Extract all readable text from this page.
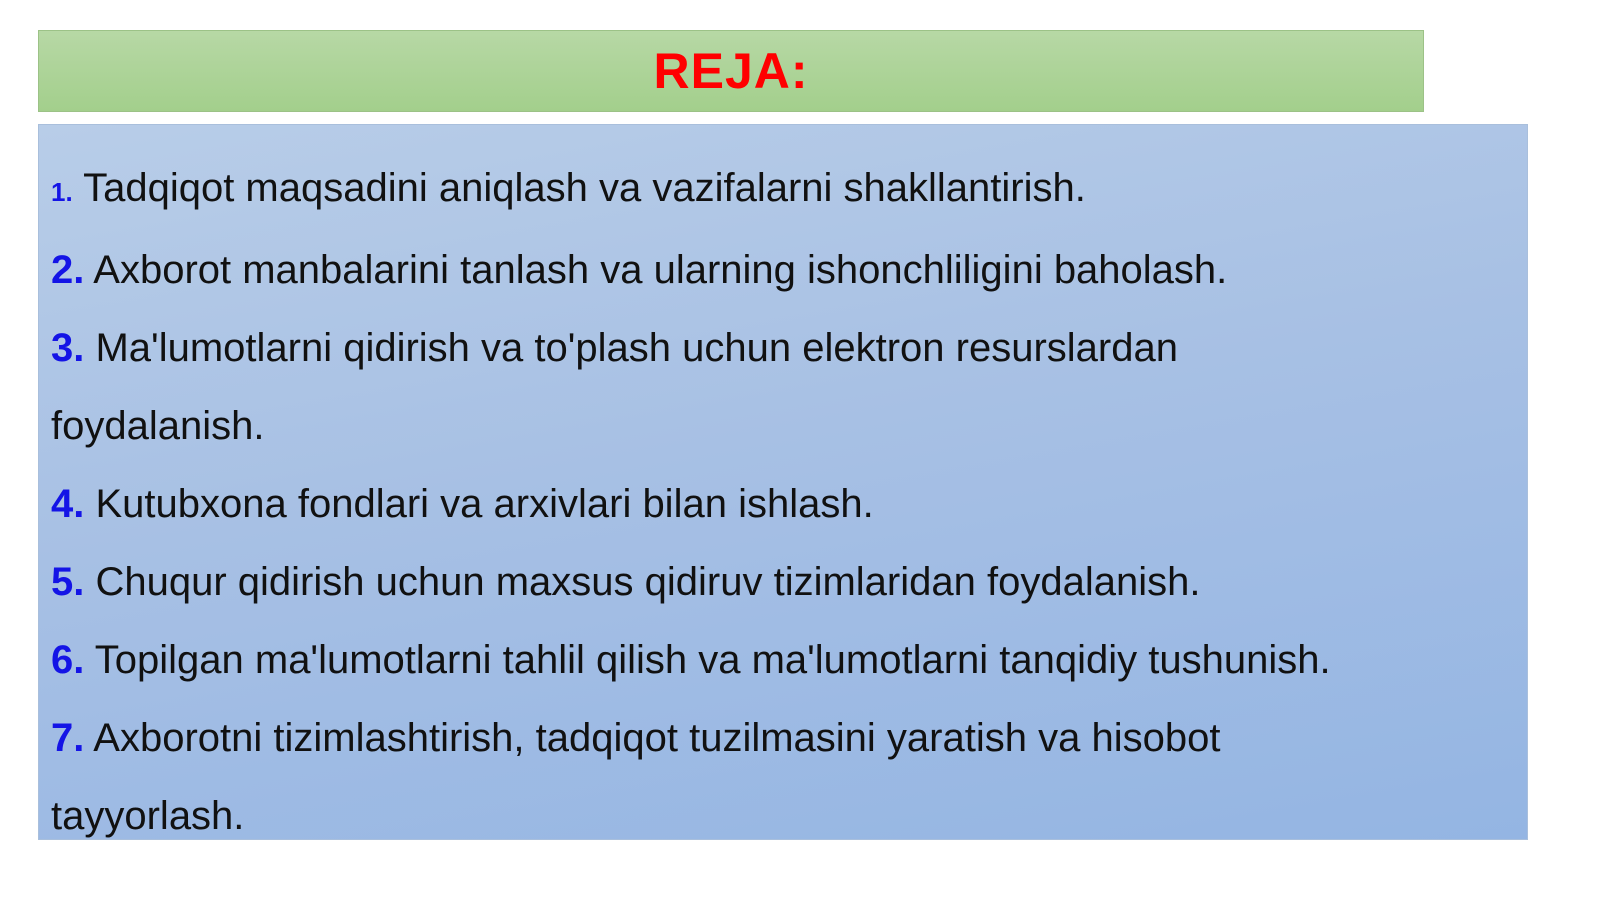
REJA:
1. Tadqiqot maqsadini aniqlash va vazifalarni shakllantirish.
2. Axborot manbalarini tanlash va ularning ishonchliligini baholash.
3. Ma'lumotlarni qidirish va to'plash uchun elektron resurslardan foydalanish.
4. Kutubxona fondlari va arxivlari bilan ishlash.
5. Chuqur qidirish uchun maxsus qidiruv tizimlaridan foydalanish.
6. Topilgan ma'lumotlarni tahlil qilish va ma'lumotlarni tanqidiy tushunish.
7. Axborotni tizimlashtirish, tadqiqot tuzilmasini yaratish va hisobot tayyorlash.
